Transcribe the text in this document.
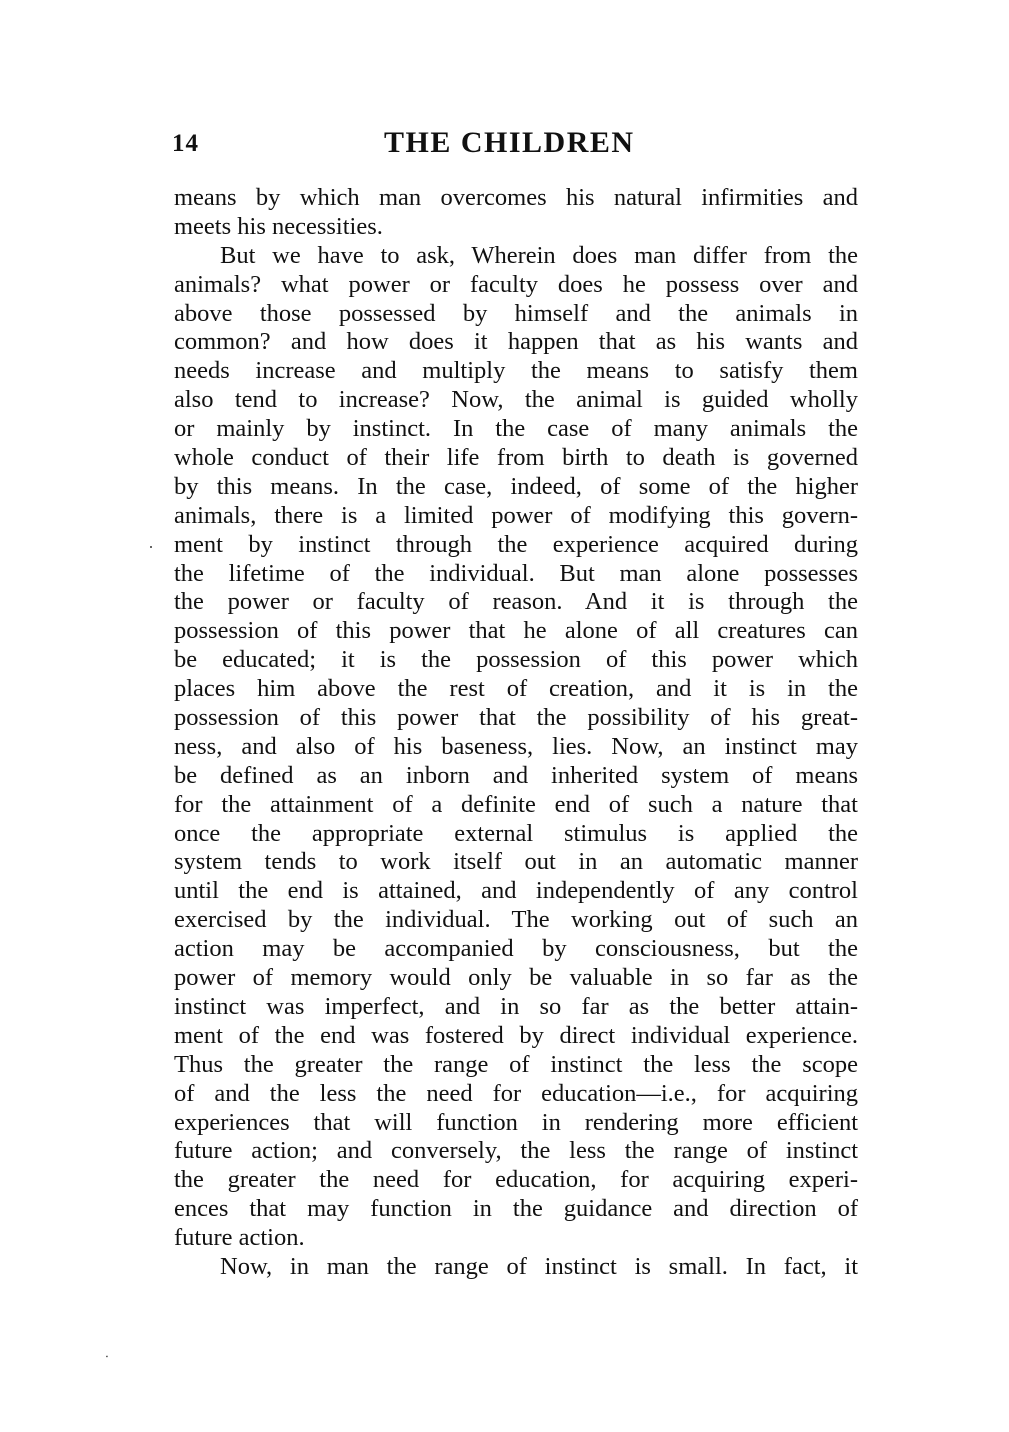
14	THE CHILDREN
means by which man overcomes his natural infirmities and
meets his necessities.
But we have to ask, Wherein does man differ from the
animals? what power or faculty does he possess over and
above those possessed by himself and the animals in
common? and how does it happen that as his wants and
needs increase and multiply the means to satisfy them
also tend to increase? Now, the animal is guided wholly
or mainly by instinct. In the case of many animals the
whole conduct of their life from birth to death is governed
by this means. In the case, indeed, of some of the higher
animals, there is a limited power of modifying this govern-
ment by instinct through the experience acquired during
the lifetime of the individual. But man alone possesses
the power or faculty of reason. And it is through the
possession of this power that he alone of all creatures can
be educated; it is the possession of this power which
places him above the rest of creation, and it is in the
possession of this power that the possibility of his great-
ness, and also of his baseness, lies. Now, an instinct may
be defined as an inborn and inherited system of means
for the attainment of a definite end of such a nature that
once the appropriate external stimulus is applied the
system tends to work itself out in an automatic manner
until the end is attained, and independently of any control
exercised by the individual. The working out of such an
action may be accompanied by consciousness, but the
power of memory would only be valuable in so far as the
instinct was imperfect, and in so far as the better attain-
ment of the end was fostered by direct individual experience.
Thus the greater the range of instinct the less the scope
of and the less the need for education—i.e., for acquiring
experiences that will function in rendering more efficient
future action; and conversely, the less the range of instinct
the greater the need for education, for acquiring experi-
ences that may function in the guidance and direction of
future action.
Now, in man the range of instinct is small. In fact, it
·
